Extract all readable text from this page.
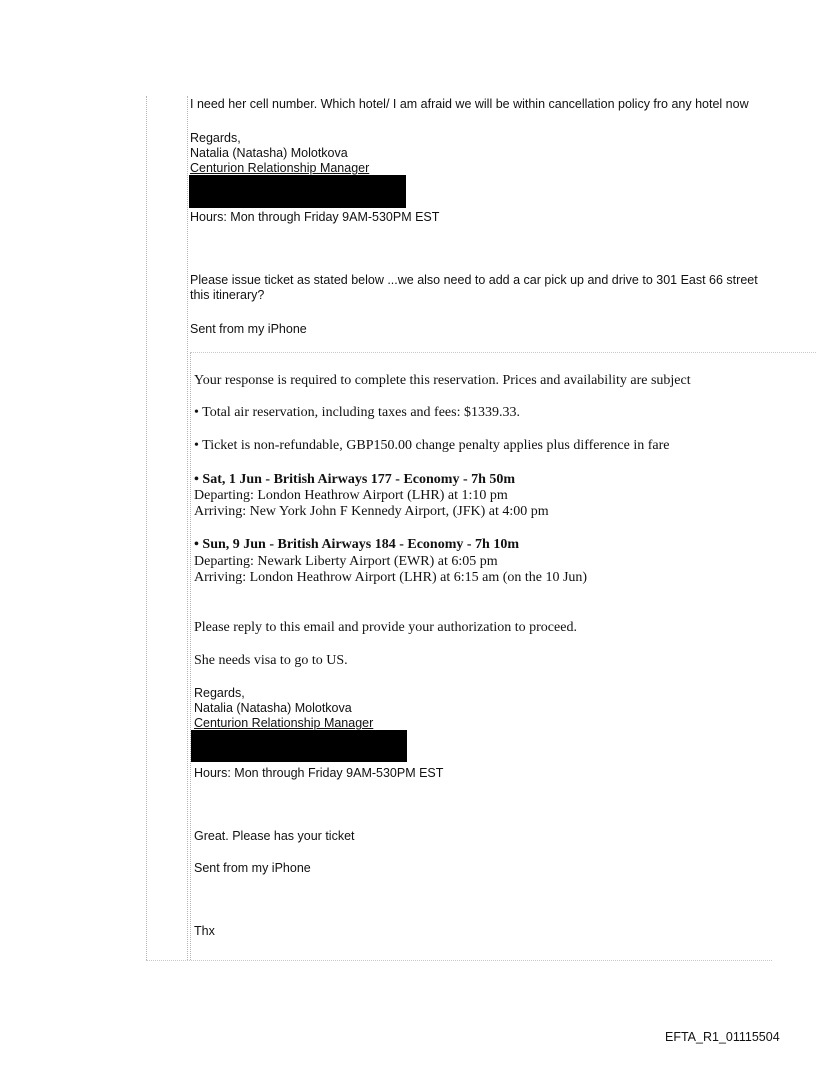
I need her cell number. Which hotel/ I am afraid we will be within cancellation policy fro any hotel now

Regards,

Natalia (Natasha) Molotkova

Centurion Relationship Manager

Hours: Mon through Friday 9AM-530PM EST

Please issue ticket as stated below ...we also need to add a car pick up and drive to 301 East 66 street

this itinerary?

Sent from my iPhone

Your response is required to complete this reservation. Prices and availability are subject

• Total air reservation, including taxes and fees: $1339.33.

• Ticket is non-refundable, GBP150.00 change penalty applies plus difference in fare

• Sat, 1 Jun - British Airways 177 - Economy - 7h 50m

Departing: London Heathrow Airport (LHR) at 1:10 pm

Arriving: New York John F Kennedy Airport, (JFK) at 4:00 pm

• Sun, 9 Jun - British Airways 184 - Economy - 7h 10m

Departing: Newark Liberty Airport (EWR) at 6:05 pm

Arriving: London Heathrow Airport (LHR) at 6:15 am (on the 10 Jun)

Please reply to this email and provide your authorization to proceed.

She needs visa to go to US.

Regards,

Natalia (Natasha) Molotkova

Centurion Relationship Manager

Hours: Mon through Friday 9AM-530PM EST

Great. Please has your ticket

Sent from my iPhone

Thx

EFTA_R1_01115504
